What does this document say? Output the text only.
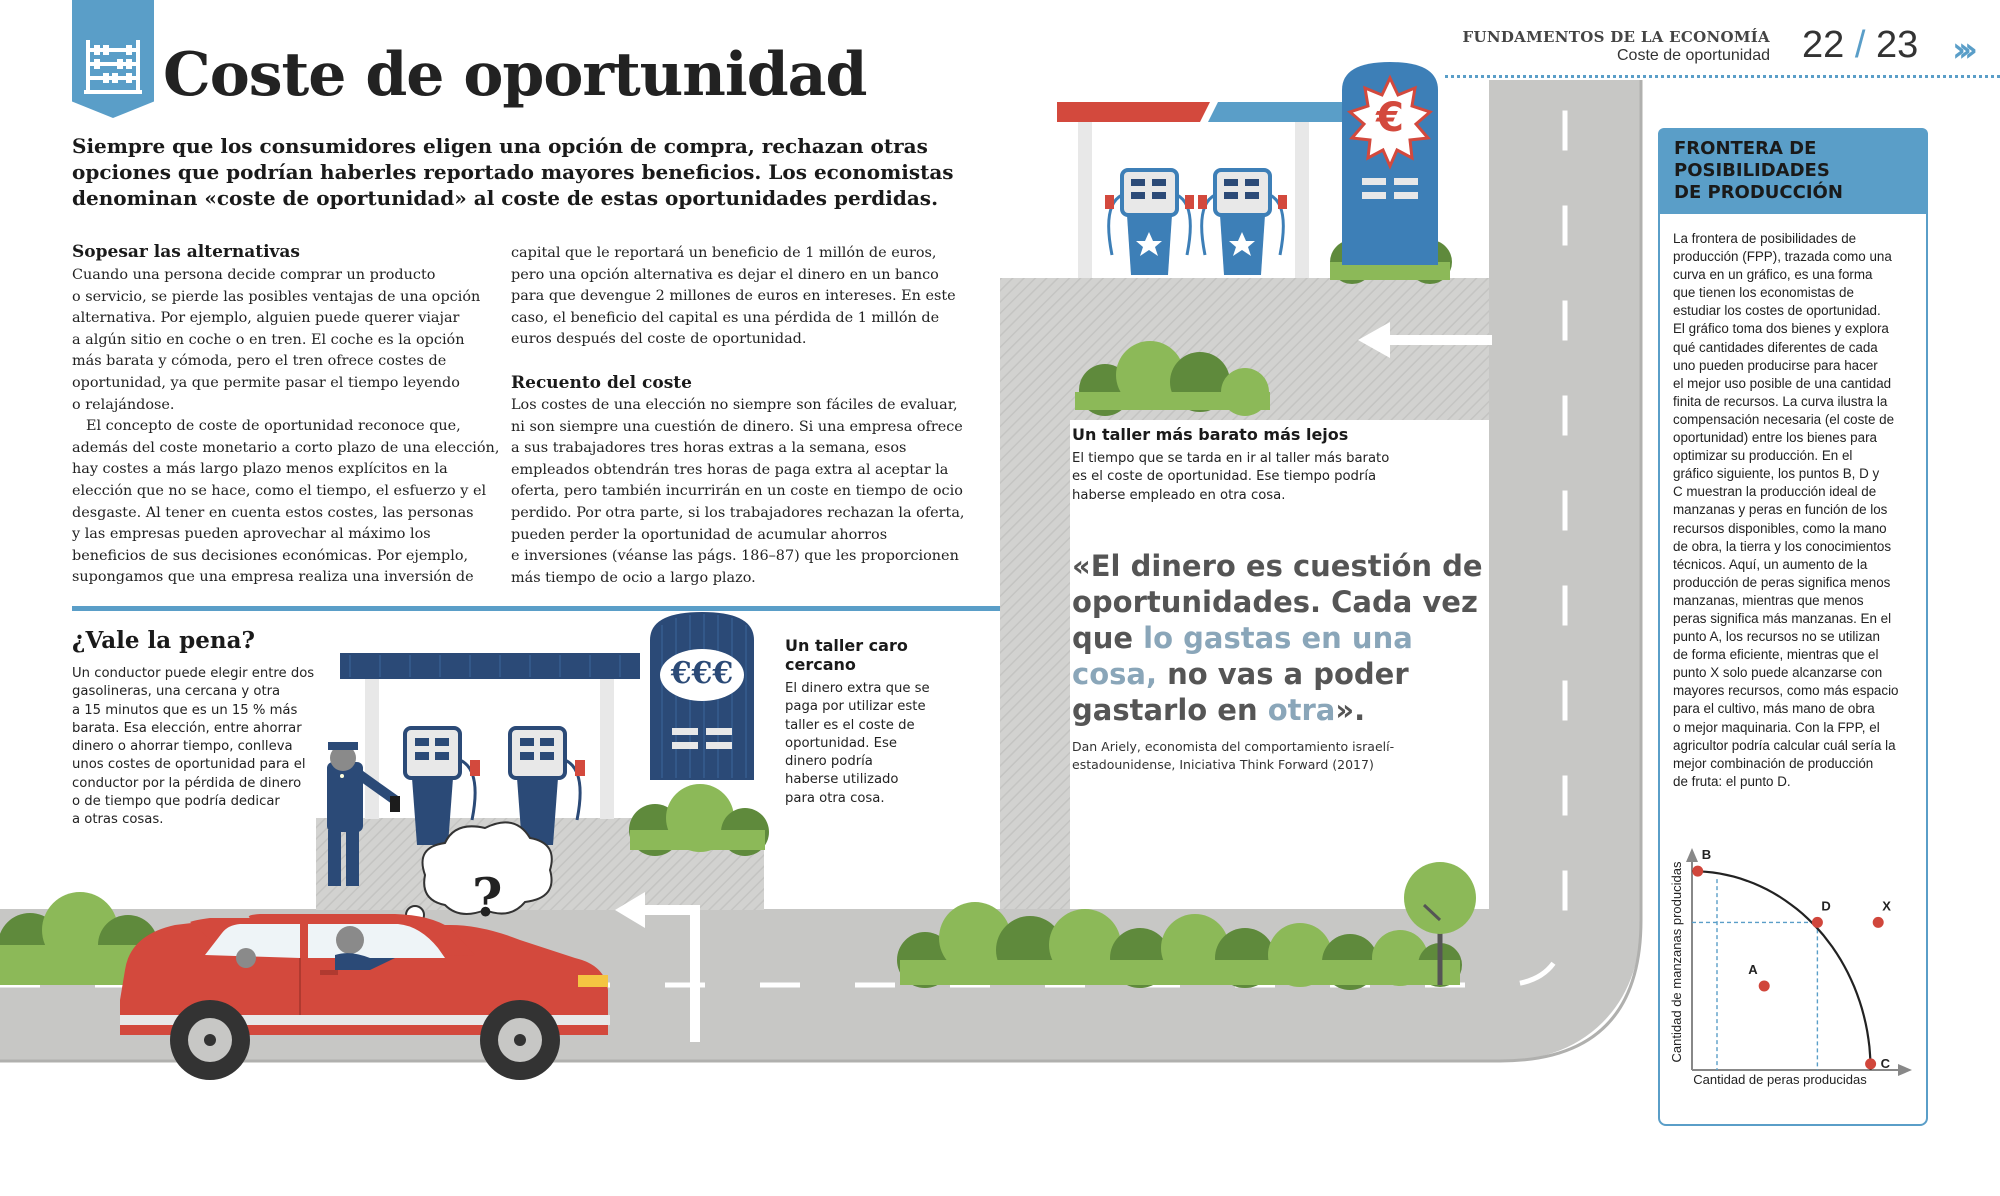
Coste de oportunidad
FUNDAMENTOS DE LA ECONOMÍA
Coste de oportunidad 22 / 23 ›››

Siempre que los consumidores eligen una opción de compra, rechazan otras

opciones que podrían haberles reportado mayores beneficios. Los economistas

denominan «coste de oportunidad» al coste de estas oportunidades perdidas.

Sopesar las alternativas

Cuando una persona decide comprar un producto

o servicio, se pierde las posibles ventajas de una opción

alternativa. Por ejemplo, alguien puede querer viajar

a algún sitio en coche o en tren. El coche es la opción

más barata y cómoda, pero el tren ofrece costes de

oportunidad, ya que permite pasar el tiempo leyendo

o relajándose.

El concepto de coste de oportunidad reconoce que,

además del coste monetario a corto plazo de una elección,

hay costes a más largo plazo menos explícitos en la

elección que no se hace, como el tiempo, el esfuerzo y el

desgaste. Al tener en cuenta estos costes, las personas

y las empresas pueden aprovechar al máximo los

beneficios de sus decisiones económicas. Por ejemplo,

supongamos que una empresa realiza una inversión de

capital que le reportará un beneficio de 1 millón de euros,

pero una opción alternativa es dejar el dinero en un banco

para que devengue 2 millones de euros en intereses. En este

caso, el beneficio del capital es una pérdida de 1 millón de

euros después del coste de oportunidad.

Recuento del coste

Los costes de una elección no siempre son fáciles de evaluar,

ni son siempre una cuestión de dinero. Si una empresa ofrece

a sus trabajadores tres horas extras a la semana, esos

empleados obtendrán tres horas de paga extra al aceptar la

oferta, pero también incurrirán en un coste en tiempo de ocio

perdido. Por otra parte, si los trabajadores rechazan la oferta,

pueden perder la oportunidad de acumular ahorros

e inversiones (véanse las págs. 186–87) que les proporcionen

más tiempo de ocio a largo plazo.

?
€€€
€
¿Vale la pena?

Un conductor puede elegir entre dos

gasolineras, una cercana y otra

a 15 minutos que es un 15 % más

barata. Esa elección, entre ahorrar

dinero o ahorrar tiempo, conlleva

unos costes de oportunidad para el

conductor por la pérdida de dinero

o de tiempo que podría dedicar

a otras cosas.

Un taller caro

cercano

El dinero extra que se

paga por utilizar este

taller es el coste de

oportunidad. Ese

dinero podría

haberse utilizado

para otra cosa.

Un taller más barato más lejos

El tiempo que se tarda en ir al taller más barato

es el coste de oportunidad. Ese tiempo podría

haberse empleado en otra cosa.

«El dinero es cuestión de

oportunidades. Cada vez

que lo gastas en una

cosa, no vas a poder

gastarlo en otra».

Dan Ariely, economista del comportamiento israelí-

estadounidense, Iniciativa Think Forward (2017)

FRONTERA DE

POSIBILIDADES

DE PRODUCCIÓN

La frontera de posibilidades de

producción (FPP), trazada como una

curva en un gráfico, es una forma

que tienen los economistas de

estudiar los costes de oportunidad.

El gráfico toma dos bienes y explora

qué cantidades diferentes de cada

uno pueden producirse para hacer

el mejor uso posible de una cantidad

finita de recursos. La curva ilustra la

compensación necesaria (el coste de

oportunidad) entre los bienes para

optimizar su producción. En el

gráfico siguiente, los puntos B, D y

C muestran la producción ideal de

manzanas y peras en función de los

recursos disponibles, como la mano

de obra, la tierra y los conocimientos

técnicos. Aquí, un aumento de la

producción de peras significa menos

manzanas, mientras que menos

peras significa más manzanas. En el

punto A, los recursos no se utilizan

de forma eficiente, mientras que el

punto X solo puede alcanzarse con

mayores recursos, como más espacio

para el cultivo, más mano de obra

o mejor maquinaria. Con la FPP, el

agricultor podría calcular cuál sería la

mejor combinación de producción

de fruta: el punto D.

B
D
C
A
X
Cantidad de peras producidas
Cantidad de manzanas producidas
